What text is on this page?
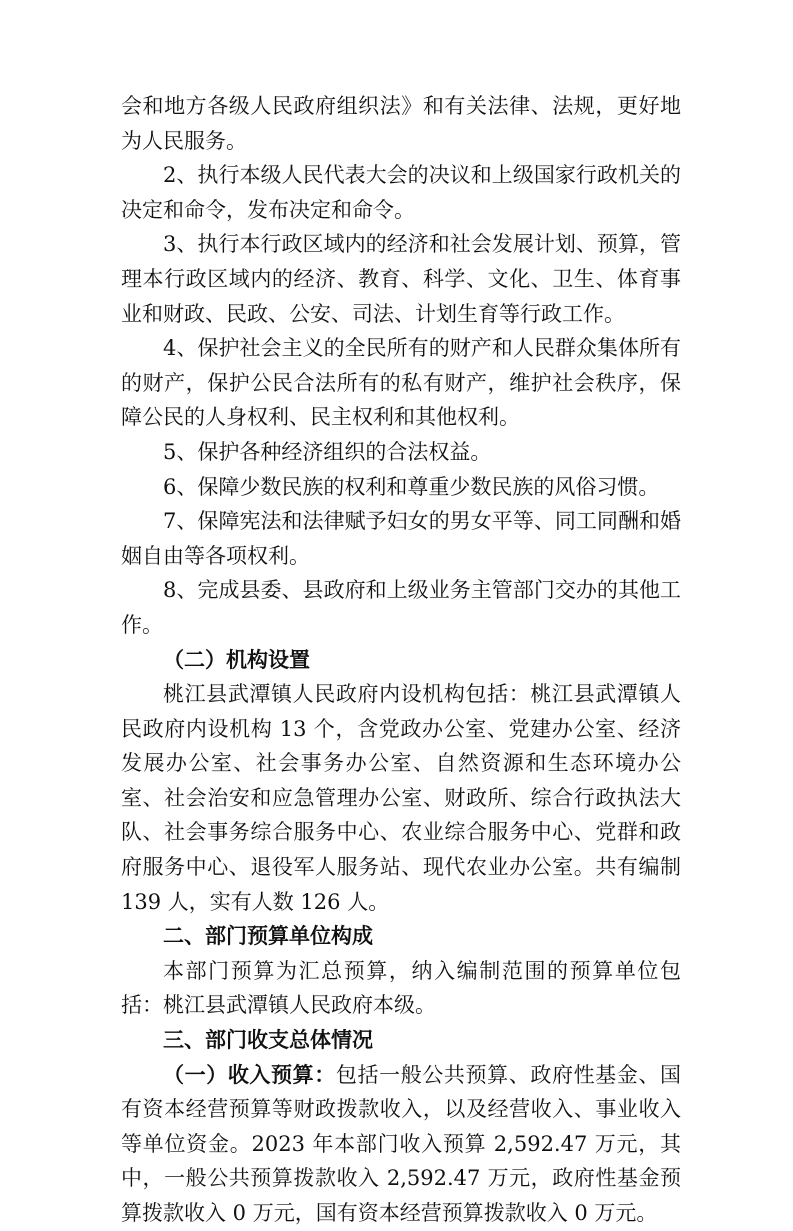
会和地方各级人民政府组织法》和有关法律、法规，更好地为人民服务。

2、执行本级人民代表大会的决议和上级国家行政机关的决定和命令，发布决定和命令。

3、执行本行政区域内的经济和社会发展计划、预算，管理本行政区域内的经济、教育、科学、文化、卫生、体育事业和财政、民政、公安、司法、计划生育等行政工作。

4、保护社会主义的全民所有的财产和人民群众集体所有的财产，保护公民合法所有的私有财产，维护社会秩序，保障公民的人身权利、民主权利和其他权利。

5、保护各种经济组织的合法权益。

6、保障少数民族的权利和尊重少数民族的风俗习惯。

7、保障宪法和法律赋予妇女的男女平等、同工同酬和婚姻自由等各项权利。

8、完成县委、县政府和上级业务主管部门交办的其他工作。

（二）机构设置

桃江县武潭镇人民政府内设机构包括：桃江县武潭镇人民政府内设机构 13 个，含党政办公室、党建办公室、经济发展办公室、社会事务办公室、自然资源和生态环境办公室、社会治安和应急管理办公室、财政所、综合行政执法大队、社会事务综合服务中心、农业综合服务中心、党群和政府服务中心、退役军人服务站、现代农业办公室。共有编制 139 人，实有人数 126 人。

二、部门预算单位构成

本部门预算为汇总预算，纳入编制范围的预算单位包括：桃江县武潭镇人民政府本级。

三、部门收支总体情况

（一）收入预算：包括一般公共预算、政府性基金、国有资本经营预算等财政拨款收入，以及经营收入、事业收入等单位资金。2023 年本部门收入预算 2,592.47 万元，其中，一般公共预算拨款收入 2,592.47 万元，政府性基金预算拨款收入 0 万元，国有资本经营预算拨款收入 0 万元。
